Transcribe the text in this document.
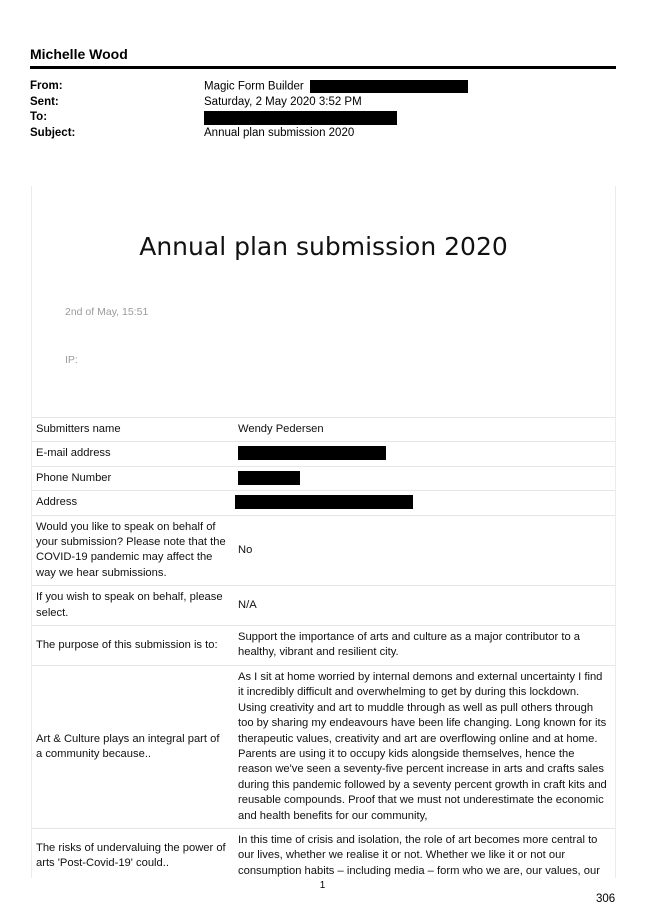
Michelle Wood
From:	Magic Form Builder
Sent:	Saturday, 2 May 2020 3:52 PM
To:
Subject:	Annual plan submission 2020
Annual plan submission 2020
2nd of May, 15:51
IP:
Submitters name	Wendy Pedersen
E-mail address	
Phone Number	
Address	
Would you like to speak on behalf of your submission? Please note that the COVID-19 pandemic may affect the way we hear submissions.	No
If you wish to speak on behalf, please select.	N/A
The purpose of this submission is to:	Support the importance of arts and culture as a major contributor to a healthy, vibrant and resilient city.
Art & Culture plays an integral part of a community because..	As I sit at home worried by internal demons and external uncertainty I find it incredibly difficult and overwhelming to get by during this lockdown. Using creativity and art to muddle through as well as pull others through too by sharing my endeavours have been life changing. Long known for its therapeutic values, creativity and art are overflowing online and at home. Parents are using it to occupy kids alongside themselves, hence the reason we've seen a seventy-five percent increase in arts and crafts sales during this pandemic followed by a seventy percent growth in craft kits and reusable compounds. Proof that we must not underestimate the economic and health benefits for our community,
The risks of undervaluing the power of arts 'Post-Covid-19' could..	In this time of crisis and isolation, the role of art becomes more central to our lives, whether we realise it or not. Whether we like it or not our consumption habits – including media – form who we are, our values, our
1
306
